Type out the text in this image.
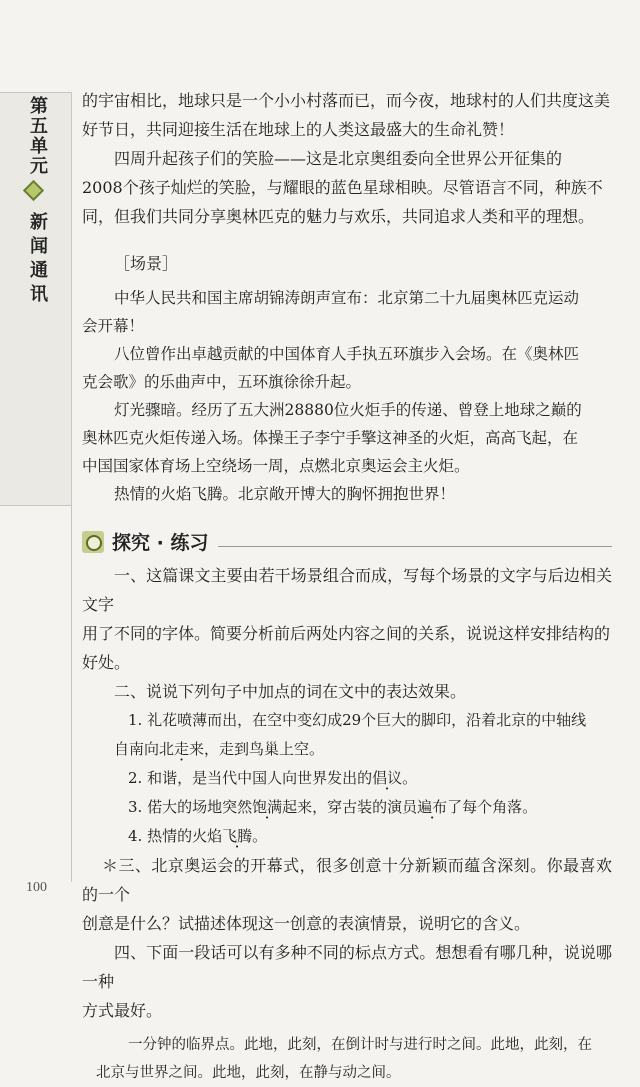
第五单元
新闻通讯
100

的宇宙相比，地球只是一个小小村落而已，而今夜，地球村的人们共度这美

好节日，共同迎接生活在地球上的人类这最盛大的生命礼赞！

四周升起孩子们的笑脸——这是北京奥组委向全世界公开征集的

2008个孩子灿烂的笑脸，与耀眼的蓝色星球相映。尽管语言不同，种族不

同，但我们共同分享奥林匹克的魅力与欢乐，共同追求人类和平的理想。

［场景］

中华人民共和国主席胡锦涛朗声宣布：北京第二十九届奥林匹克运动

会开幕！

八位曾作出卓越贡献的中国体育人手执五环旗步入会场。在《奥林匹

克会歌》的乐曲声中，五环旗徐徐升起。

灯光骤暗。经历了五大洲28880位火炬手的传递、曾登上地球之巅的

奥林匹克火炬传递入场。体操王子李宁手擎这神圣的火炬，高高飞起，在

中国国家体育场上空绕场一周，点燃北京奥运会主火炬。

热情的火焰飞腾。北京敞开博大的胸怀拥抱世界！

探究 · 练习

一、这篇课文主要由若干场景组合而成，写每个场景的文字与后边相关文字

用了不同的字体。简要分析前后两处内容之间的关系，说说这样安排结构的

好处。

二、说说下列句子中加点的词在文中的表达效果。

1. 礼花喷薄而出，在空中变幻成29个巨大的脚印，沿着北京的中轴线

自南向北走来，走到鸟巢上空。

2. 和谐，是当代中国人向世界发出的倡议。

3. 偌大的场地突然饱满起来，穿古装的演员遍布了每个角落。

4. 热情的火焰飞腾。

＊三、北京奥运会的开幕式，很多创意十分新颖而蕴含深刻。你最喜欢的一个

创意是什么？试描述体现这一创意的表演情景，说明它的含义。

四、下面一段话可以有多种不同的标点方式。想想看有哪几种，说说哪一种

方式最好。

一分钟的临界点。此地，此刻，在倒计时与进行时之间。此地，此刻，在

北京与世界之间。此地，此刻，在静与动之间。
